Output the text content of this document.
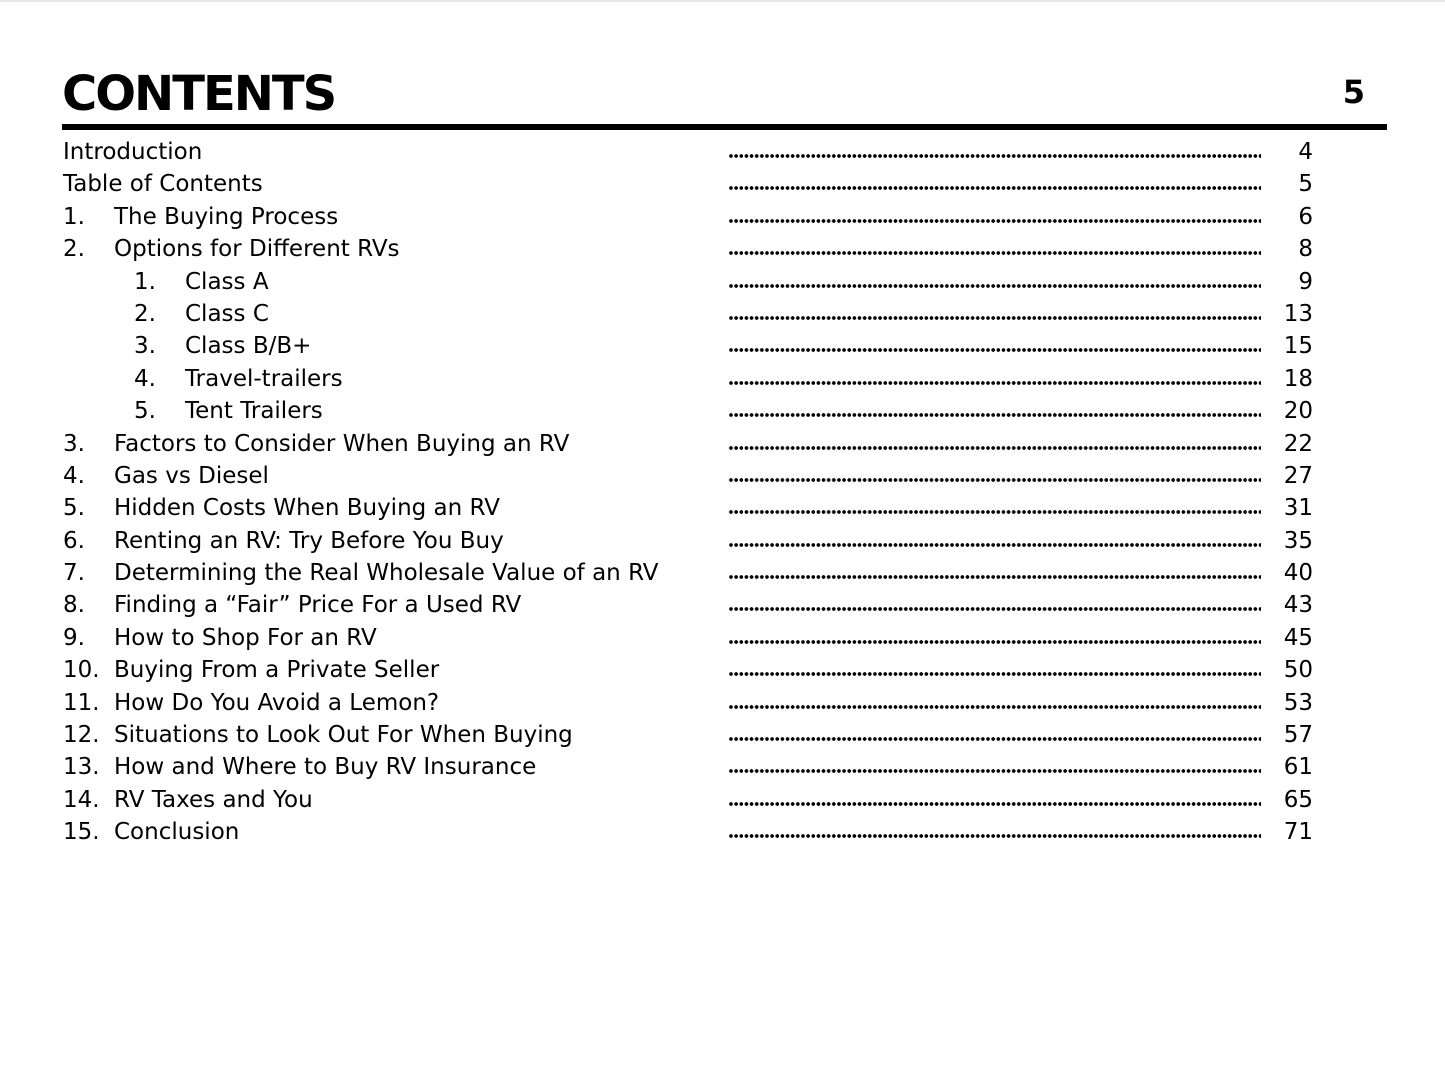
CONTENTS	5
Introduction	4
Table of Contents	5
1. The Buying Process	6
2. Options for Different RVs	8
1. Class A	9
2. Class C	13
3. Class B/B+	15
4. Travel-trailers	18
5. Tent Trailers	20
3. Factors to Consider When Buying an RV	22
4. Gas vs Diesel	27
5. Hidden Costs When Buying an RV	31
6. Renting an RV: Try Before You Buy	35
7. Determining the Real Wholesale Value of an RV	40
8. Finding a “Fair” Price For a Used RV	43
9. How to Shop For an RV	45
10. Buying From a Private Seller	50
11. How Do You Avoid a Lemon?	53
12. Situations to Look Out For When Buying	57
13. How and Where to Buy RV Insurance	61
14. RV Taxes and You	65
15. Conclusion	71
